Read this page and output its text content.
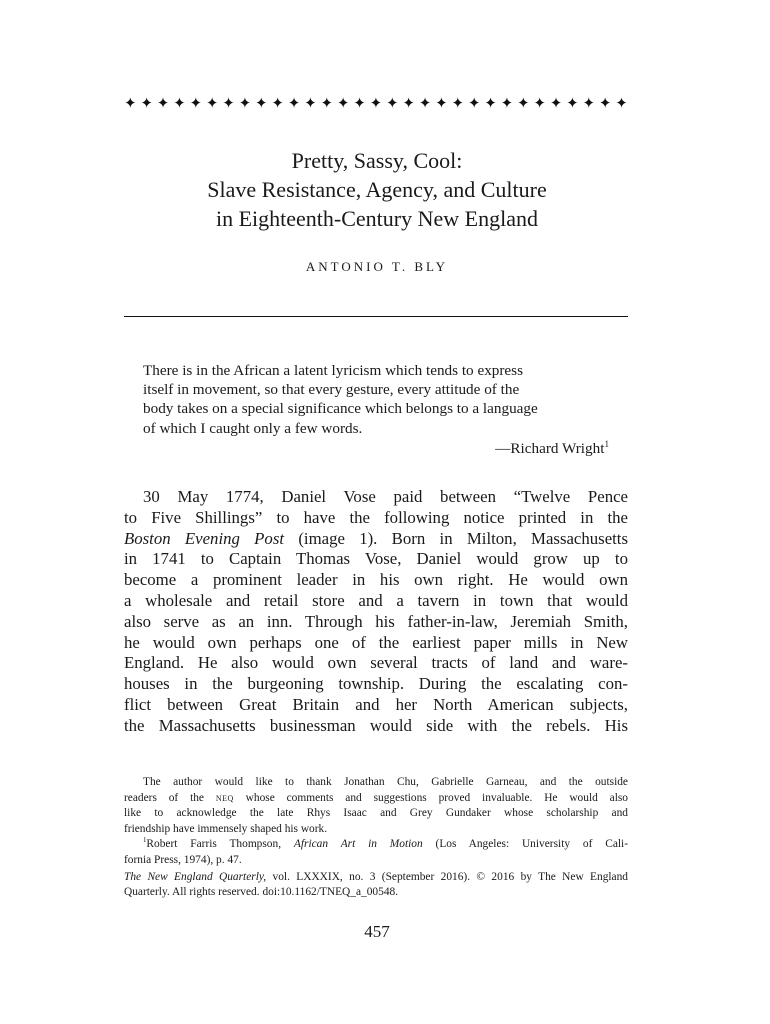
✦ ✦ ✦ ✦ ✦ ✦ ✦ ✦ ✦ ✦ ✦ ✦ ✦ ✦ ✦ ✦ ✦ ✦ ✦ ✦ ✦ ✦ ✦ ✦ ✦ ✦ ✦ ✦ ✦ ✦ ✦
Pretty, Sassy, Cool:
Slave Resistance, Agency, and Culture
in Eighteenth-Century New England
ANTONIO T. BLY
There is in the African a latent lyricism which tends to express
itself in movement, so that every gesture, every attitude of the
body takes on a special significance which belongs to a language
of which I caught only a few words.
—Richard Wright$^1$
30 May 1774, Daniel Vose paid between “Twelve Pence
to Five Shillings” to have the following notice printed in the
Boston Evening Post (image 1). Born in Milton, Massachusetts
in 1741 to Captain Thomas Vose, Daniel would grow up to
become a prominent leader in his own right. He would own
a wholesale and retail store and a tavern in town that would
also serve as an inn. Through his father-in-law, Jeremiah Smith,
he would own perhaps one of the earliest paper mills in New
England. He also would own several tracts of land and ware-
houses in the burgeoning township. During the escalating con-
flict between Great Britain and her North American subjects,
the Massachusetts businessman would side with the rebels. His
The author would like to thank Jonathan Chu, Gabrielle Garneau, and the outside
readers of the neq whose comments and suggestions proved invaluable. He would also
like to acknowledge the late Rhys Isaac and Grey Gundaker whose scholarship and
friendship have immensely shaped his work.
$^1$Robert Farris Thompson, African Art in Motion (Los Angeles: University of Cali-
fornia Press, 1974), p. 47.
The New England Quarterly, vol. LXXXIX, no. 3 (September 2016). © 2016 by The New England
Quarterly. All rights reserved. doi:10.1162/TNEQ_a_00548.
457
